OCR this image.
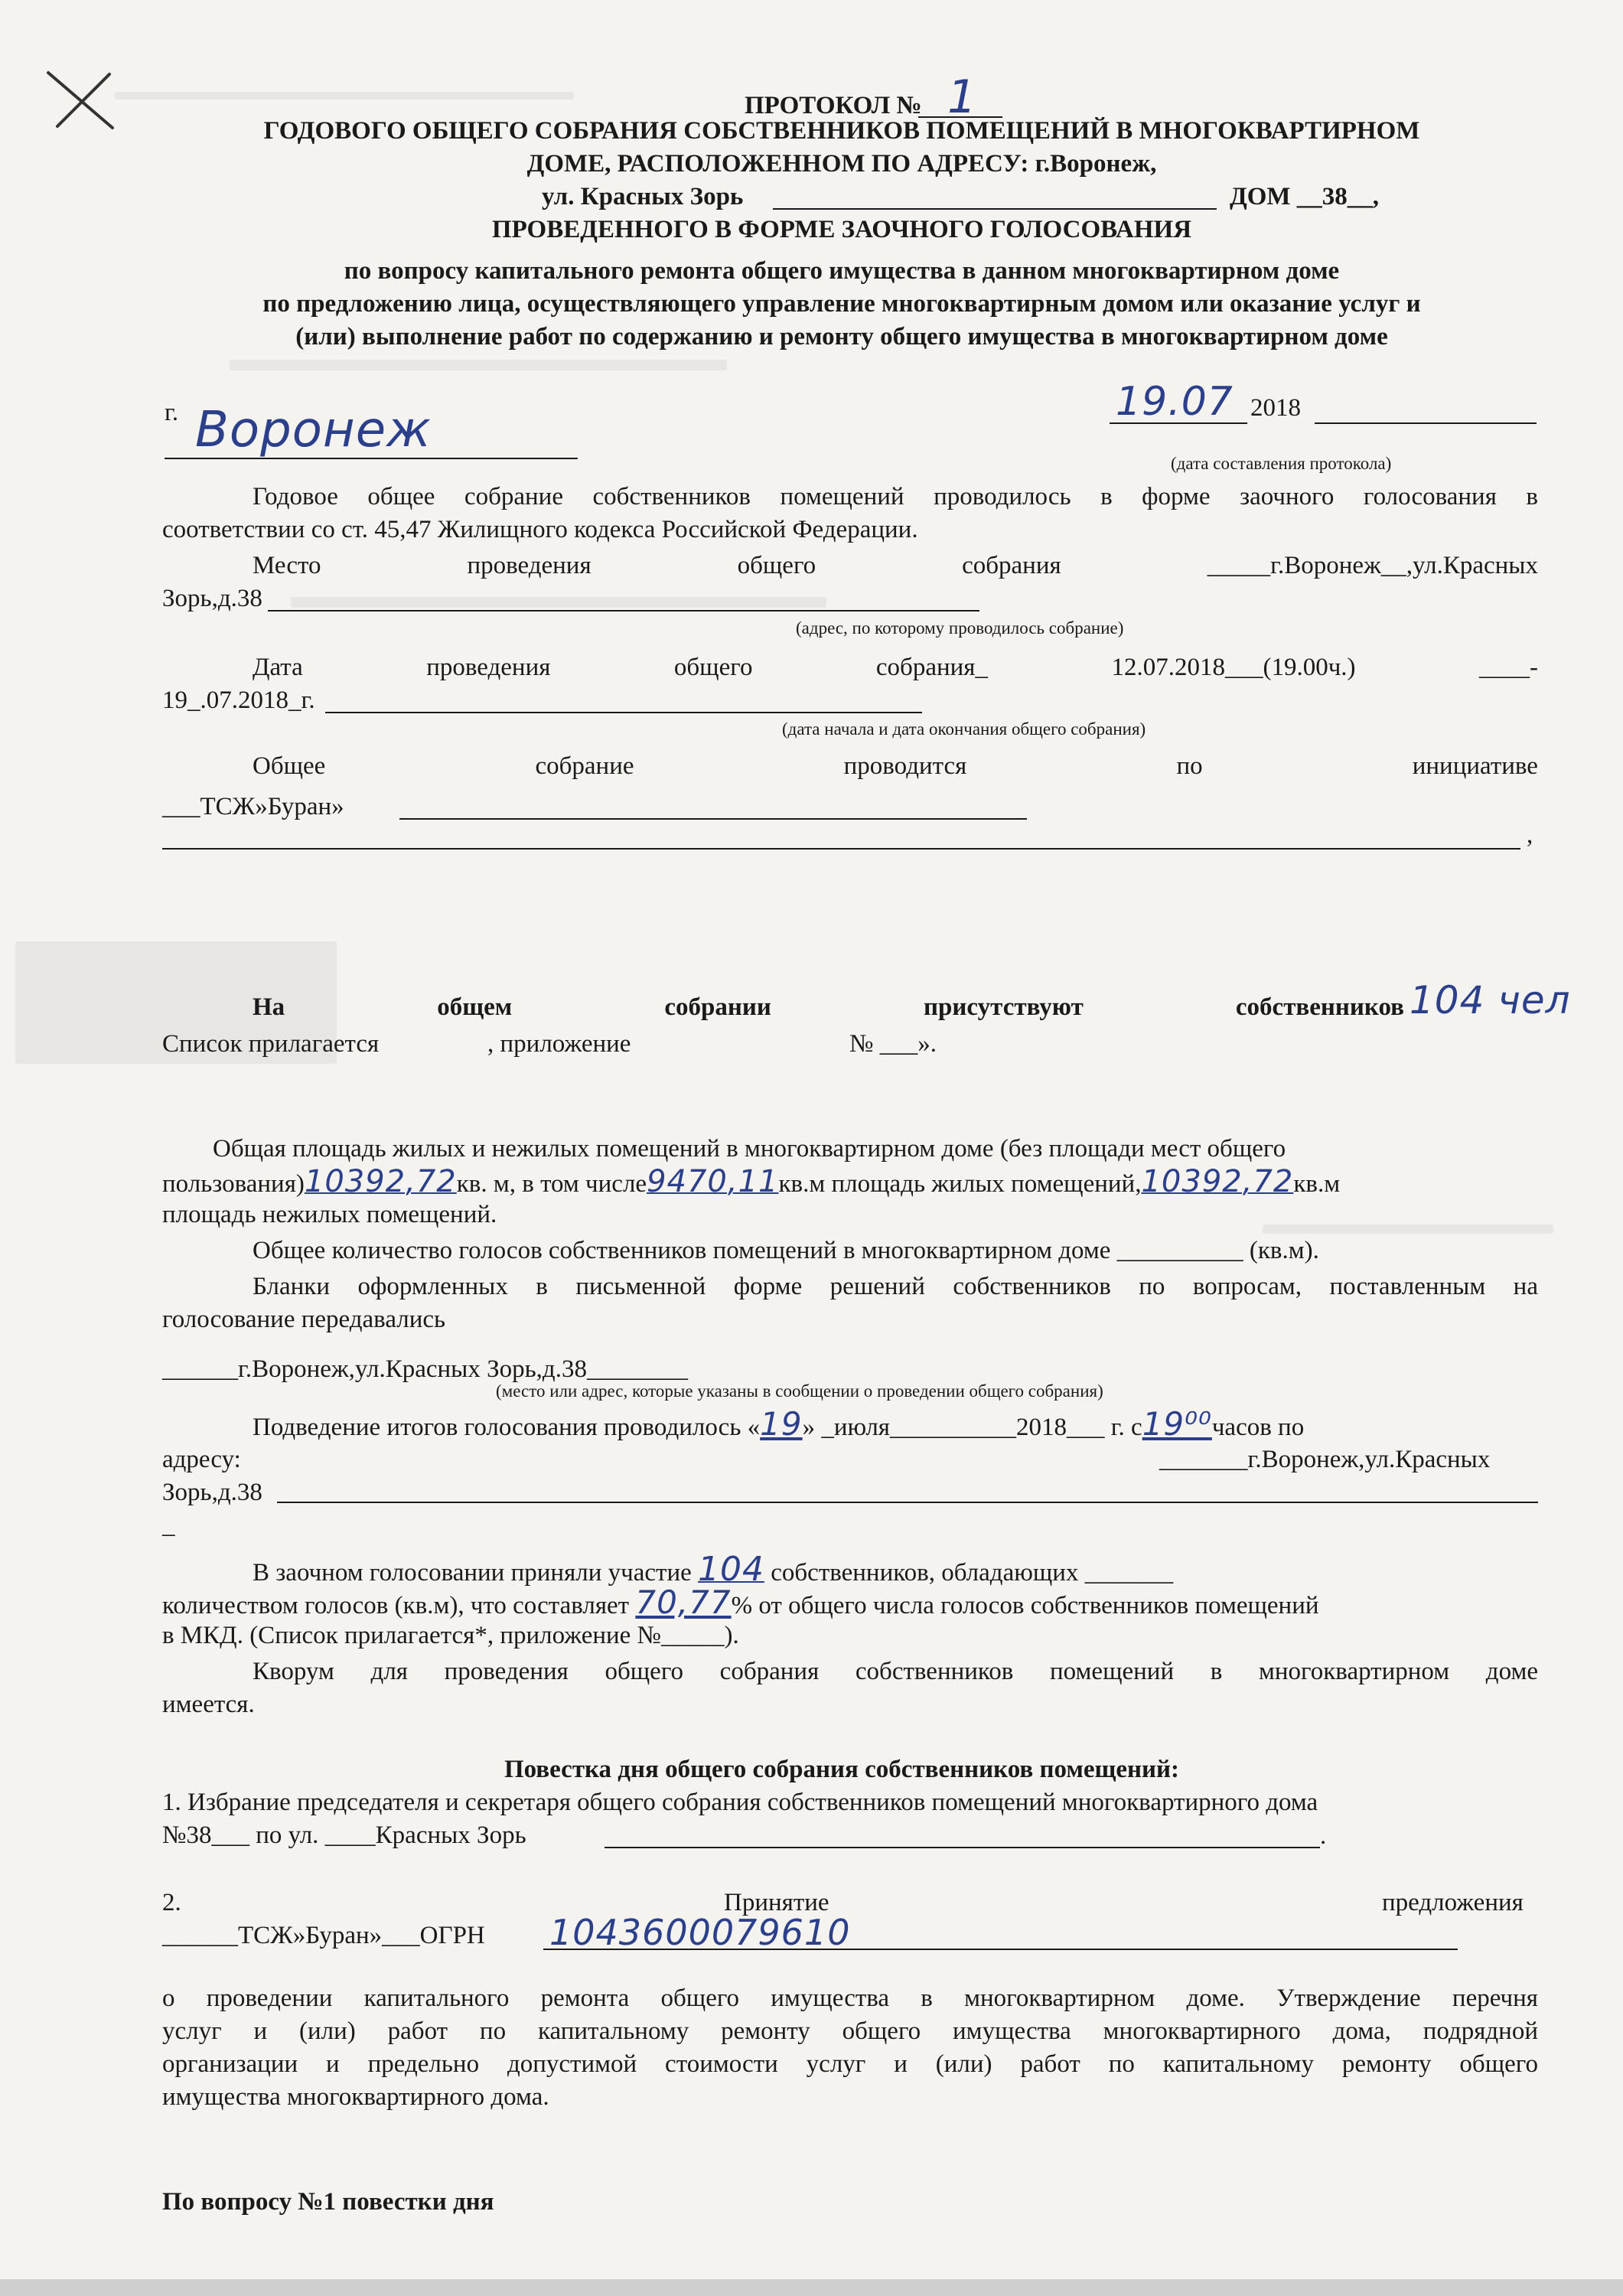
ПРОТОКОЛ № 1
ГОДОВОГО ОБЩЕГО СОБРАНИЯ СОБСТВЕННИКОВ ПОМЕЩЕНИЙ В МНОГОКВАРТИРНОМ
ДОМЕ, РАСПОЛОЖЕННОМ ПО АДРЕСУ: г.Воронеж,
ул. Красных Зорь	ДОМ __38__,
ПРОВЕДЕННОГО В ФОРМЕ ЗАОЧНОГО ГОЛОСОВАНИЯ
по вопросу капитального ремонта общего имущества в данном многоквартирном доме
по предложению лица, осуществляющего управление многоквартирным домом или оказание услуг и
(или) выполнение работ по содержанию и ремонту общего имущества в многоквартирном доме
г. Воронеж	19.07 2018
(дата составления протокола)
Годовое общее собрание собственников помещений проводилось в форме заочного голосования в
соответствии со ст. 45,47 Жилищного кодекса Российской Федерации.
Место	проведения	общего	собрания	_____г.Воронеж__,ул.Красных
Зорь,д.38
(адрес, по которому проводилось собрание)
Дата	проведения	общего	собрания_	12.07.2018___(19.00ч.)	____-
19_.07.2018_г.
(дата начала и дата окончания общего собрания)
Общее	собрание	проводится	по	инициативе
___ТСЖ»Буран»
,
На	общем	собрании	присутствуют	собственников 104 чел
Список прилагается	, приложение	№ ___».
Общая площадь жилых и нежилых помещений в многоквартирном доме (без площади мест общего
пользования)10392,72кв. м, в том числе9470,11кв.м площадь жилых помещений,10392,72кв.м
площадь нежилых помещений.
Общее количество голосов собственников помещений в многоквартирном доме __________ (кв.м).
Бланки оформленных в письменной форме решений собственников по вопросам, поставленным на
голосование передавались
______г.Воронеж,ул.Красных Зорь,д.38________
(место или адрес, которые указаны в сообщении о проведении общего собрания)
Подведение итогов голосования проводилось «19» _июля__________2018___ г. с19⁰⁰часов по
адресу:	_______г.Воронеж,ул.Красных
Зорь,д.38
_
В заочном голосовании приняли участие 104 собственников, обладающих _______
количеством голосов (кв.м), что составляет 70,77% от общего числа голосов собственников помещений
в МКД. (Список прилагается*, приложение №_____).
Кворум для проведения общего собрания собственников помещений в многоквартирном доме
имеется.
Повестка дня общего собрания собственников помещений:
1. Избрание председателя и секретаря общего собрания собственников помещений многоквартирного дома
№38___ по ул. ____Красных Зорь	.
2.	Принятие	предложения
______ТСЖ»Буран»___ОГРН 1043600079610
о проведении капитального ремонта общего имущества в многоквартирном доме. Утверждение перечня
услуг и (или) работ по капитальному ремонту общего имущества многоквартирного дома, подрядной
организации и предельно допустимой стоимости услуг и (или) работ по капитальному ремонту общего
имущества многоквартирного дома.
По вопросу №1 повестки дня
